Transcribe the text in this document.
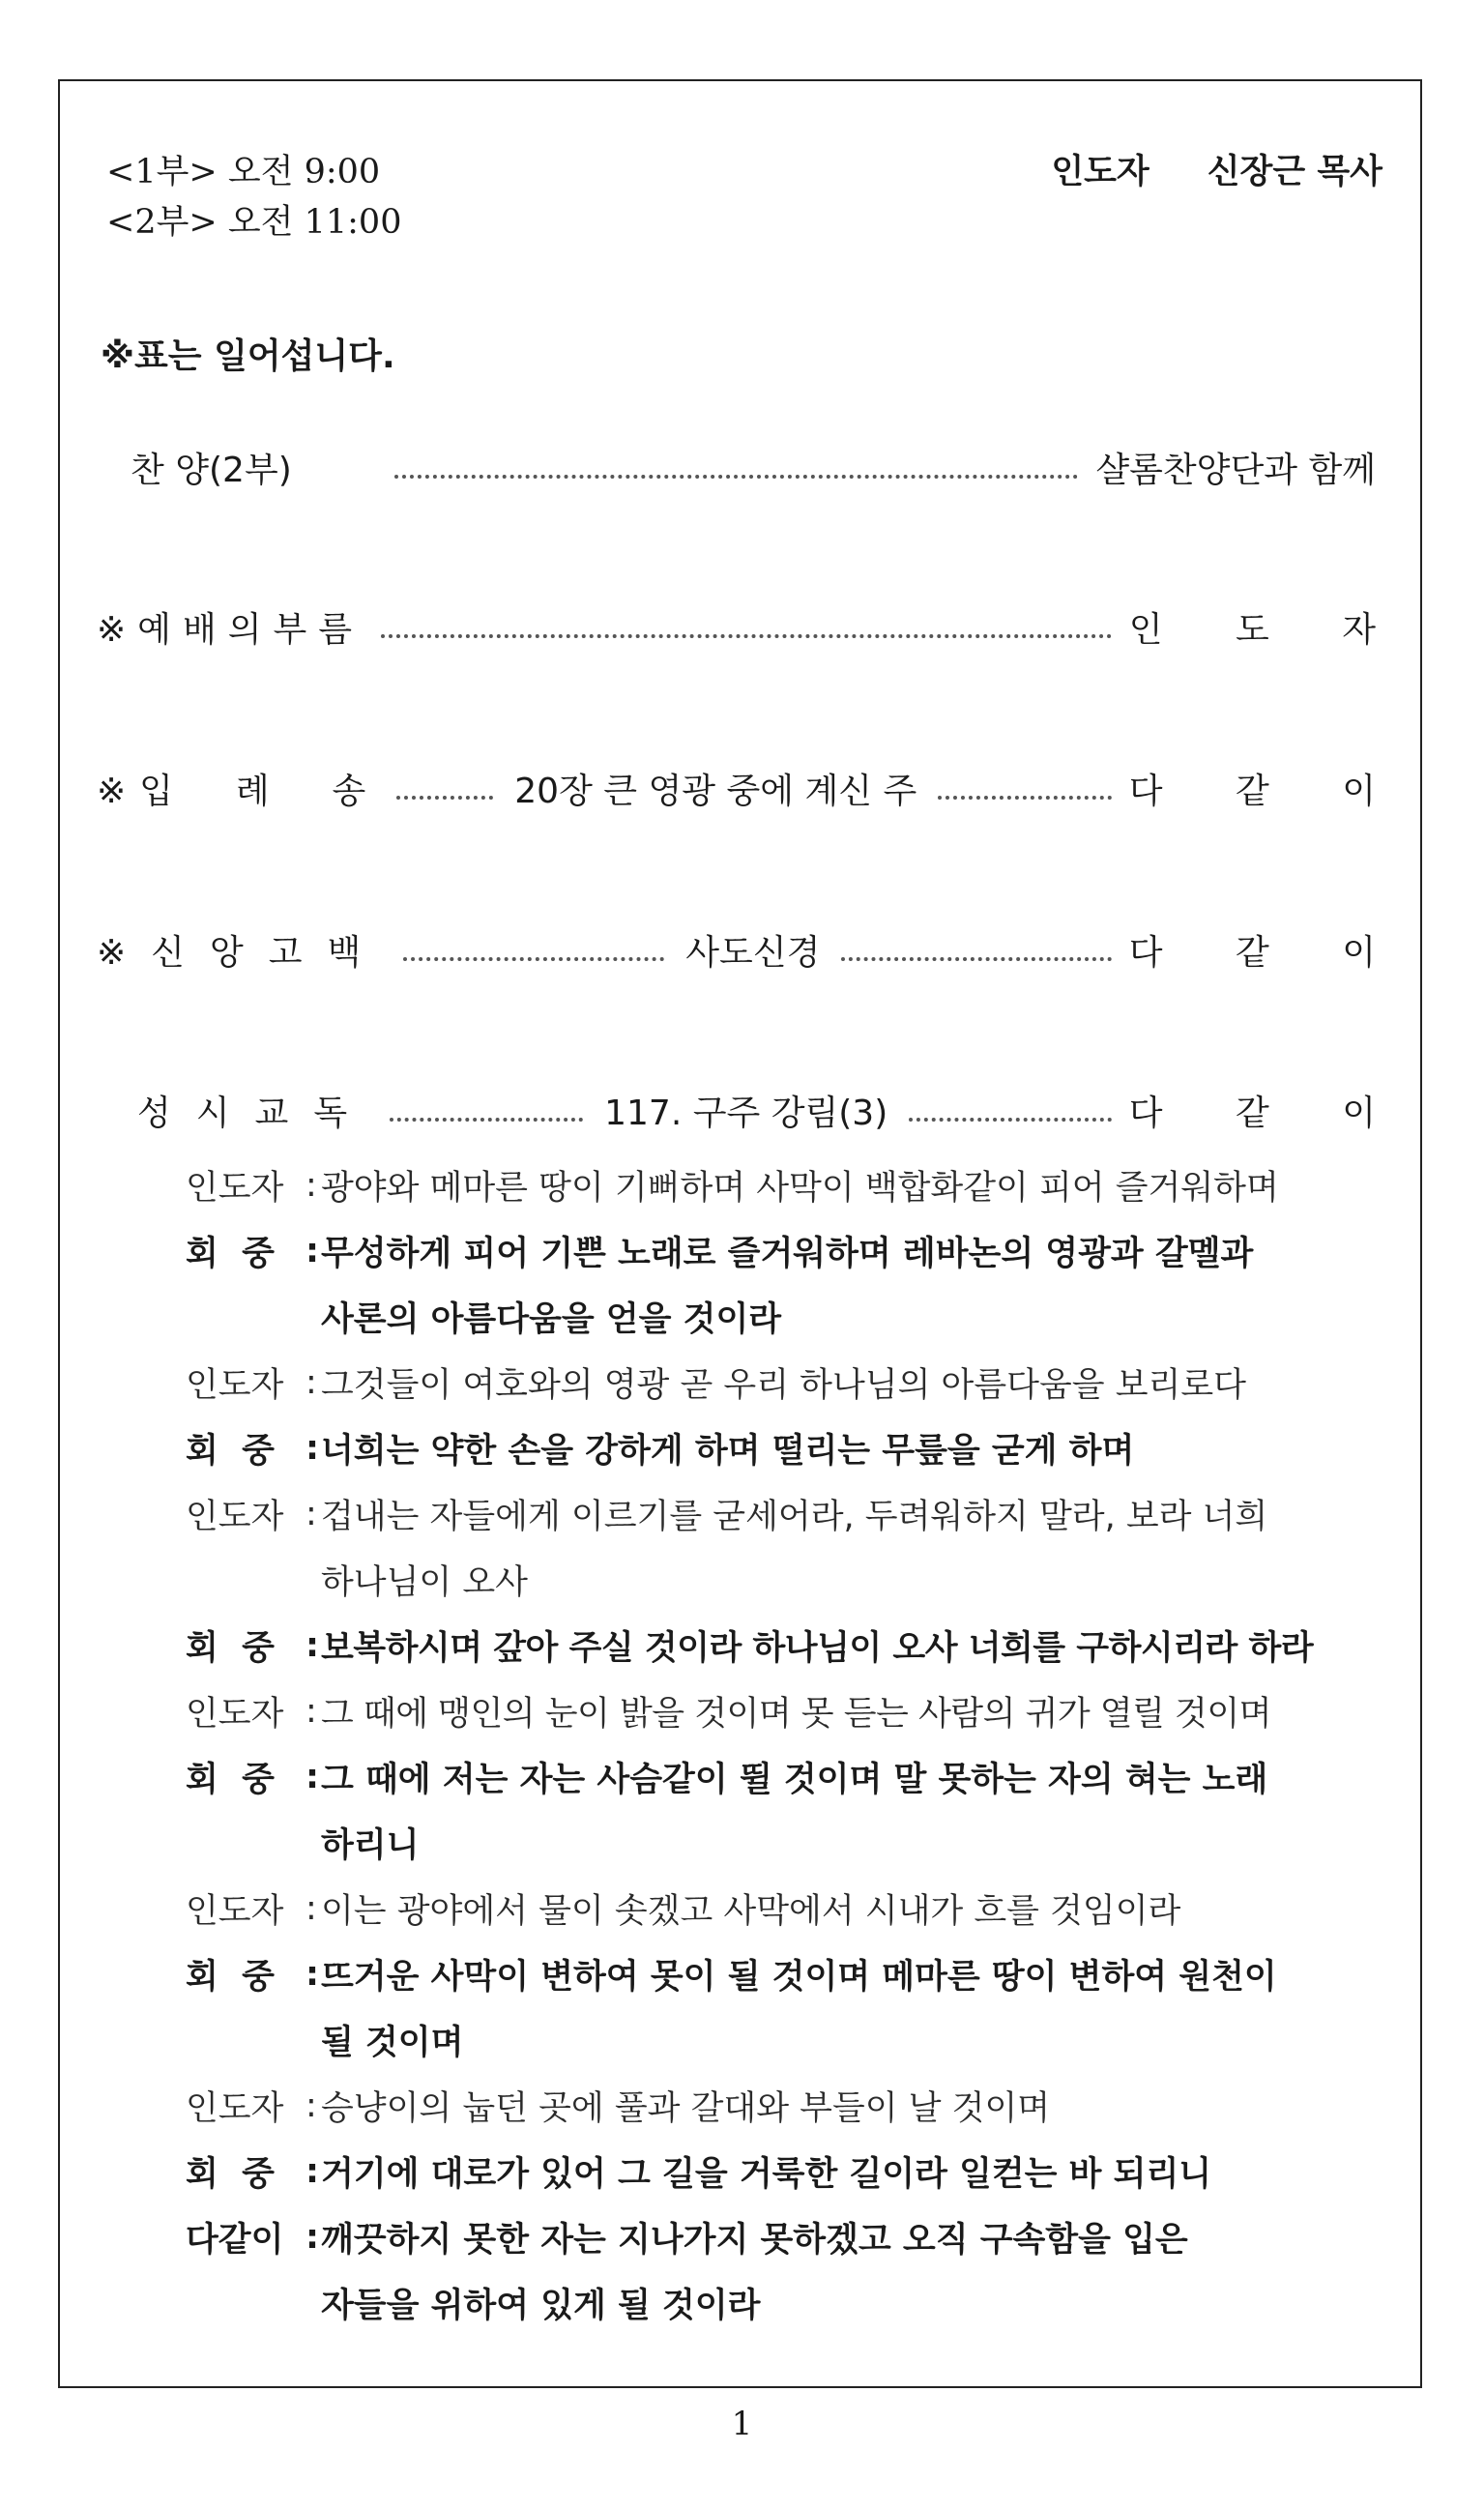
<1부> 오전 9:00
<2부> 오전 11:00
인도자 신장근 목사
※표는 일어섭니다.
찬 양(2부)	샬롬찬양단과 함께
※예배의부름	인 도 자
※입  례  송	20장 큰 영광 중에 계신 주	다 같 이
※신앙고백	사도신경	다 같 이
성시교독	117. 구주 강림(3)	다 같 이
인도자 : 광야와 메마른 땅이 기뻐하며 사막이 백합화같이 피어 즐거워하며
회  중 : 무성하게 피어 기쁜 노래로 즐거워하며 레바논의 영광과 갈멜과
사론의 아름다움을 얻을 것이라
인도자 : 그것들이 여호와의 영광 곧 우리 하나님의 아름다움을 보리로다
회  중 : 너희는 약한 손을 강하게 하며 떨리는 무릎을 굳게 하며
인도자 : 겁내는 자들에게 이르기를 굳세어라, 두려워하지 말라, 보라 너희
하나님이 오사
회  중 : 보복하시며 갚아 주실 것이라 하나님이 오사 너희를 구하시리라 하라
인도자 : 그 때에 맹인의 눈이 밝을 것이며 못 듣는 사람의 귀가 열릴 것이며
회  중 : 그 때에 저는 자는 사슴같이 뛸 것이며 말 못하는 자의 혀는 노래
하리니
인도자 : 이는 광야에서 물이 솟겠고 사막에서 시내가 흐를 것임이라
회  중 : 뜨거운 사막이 변하여 못이 될 것이며 메마른 땅이 변하여 원천이
될 것이며
인도자 : 승냥이의 눕던 곳에 풀과 갈대와 부들이 날 것이며
회  중 : 거기에 대로가 있어 그 길을 거룩한 길이라 일컫는 바 되리니
다같이 : 깨끗하지 못한 자는 지나가지 못하겠고 오직 구속함을 입은
자들을 위하여 있게 될 것이라
1
